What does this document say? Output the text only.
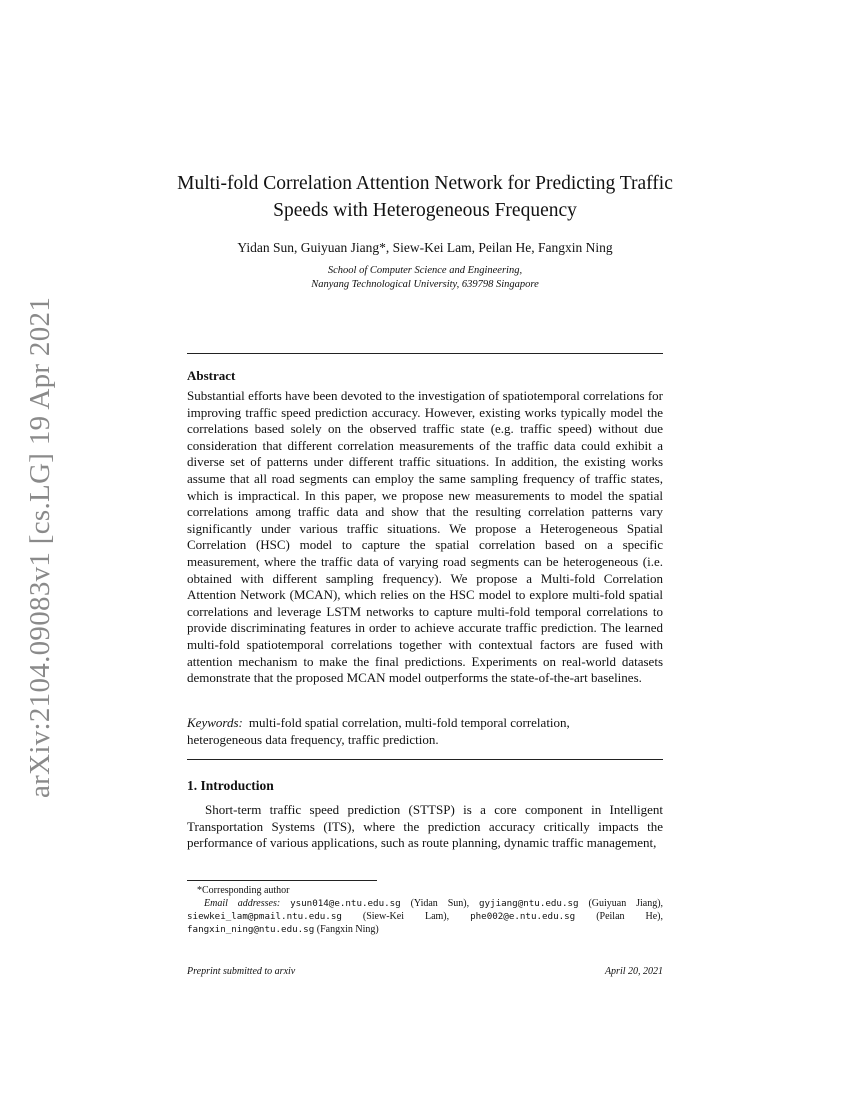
arXiv:2104.09083v1 [cs.LG] 19 Apr 2021
Multi-fold Correlation Attention Network for Predicting Traffic Speeds with Heterogeneous Frequency
Yidan Sun, Guiyuan Jiang*, Siew-Kei Lam, Peilan He, Fangxin Ning
School of Computer Science and Engineering,
Nanyang Technological University, 639798 Singapore
Abstract
Substantial efforts have been devoted to the investigation of spatiotemporal correlations for improving traffic speed prediction accuracy. However, existing works typically model the correlations based solely on the observed traffic state (e.g. traffic speed) without due consideration that different correlation measurements of the traffic data could exhibit a diverse set of patterns under different traffic situations. In addition, the existing works assume that all road segments can employ the same sampling frequency of traffic states, which is impractical. In this paper, we propose new measurements to model the spatial correlations among traffic data and show that the resulting correlation patterns vary significantly under various traffic situations. We propose a Heterogeneous Spatial Correlation (HSC) model to capture the spatial correlation based on a specific measurement, where the traffic data of varying road segments can be heterogeneous (i.e. obtained with different sampling frequency). We propose a Multi-fold Correlation Attention Network (MCAN), which relies on the HSC model to explore multi-fold spatial correlations and leverage LSTM networks to capture multi-fold temporal correlations to provide discriminating features in order to achieve accurate traffic prediction. The learned multi-fold spatiotemporal correlations together with contextual factors are fused with attention mechanism to make the final predictions. Experiments on real-world datasets demonstrate that the proposed MCAN model outperforms the state-of-the-art baselines.
Keywords: multi-fold spatial correlation, multi-fold temporal correlation,
heterogeneous data frequency, traffic prediction.
1. Introduction
Short-term traffic speed prediction (STTSP) is a core component in Intelligent Transportation Systems (ITS), where the prediction accuracy critically impacts the performance of various applications, such as route planning, dynamic traffic management,
*Corresponding author
Email addresses: ysun014@e.ntu.edu.sg (Yidan Sun), gyjiang@ntu.edu.sg (Guiyuan Jiang), siewkei_lam@pmail.ntu.edu.sg (Siew-Kei Lam), phe002@e.ntu.edu.sg (Peilan He), fangxin_ning@ntu.edu.sg (Fangxin Ning)
Preprint submitted to arxiv	April 20, 2021
